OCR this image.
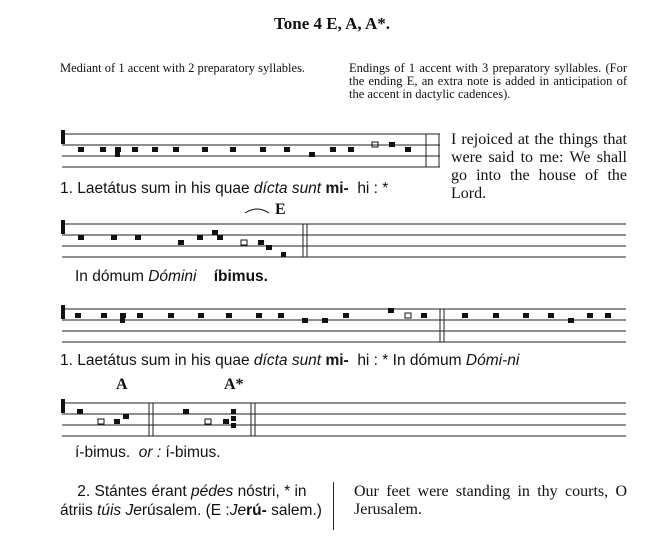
Tone 4 E, A, A*.
Mediant of 1 accent with 2 preparatory syllables.	Endings of 1 accent with 3 preparatory syllables. (For the ending E, an extra note is added in anticipation of the accent in dactylic cadences).
1. Laetátus sum in his quae dícta sunt mi- hi : *
I rejoiced at the things that were said to me: We shall go into the house of the Lord.
E
In dómum Dómini íbimus.
1. Laetátus sum in his quae dícta sunt mi- hi : * In dómum Dómi-ni
A	A*
í-bimus. or : í-bimus.
2. Stántes érant pédes nóstri, * in átriis túis Jerúsalem. (E :Jerú- salem.)
Our feet were standing in thy courts, O Jerusalem.
